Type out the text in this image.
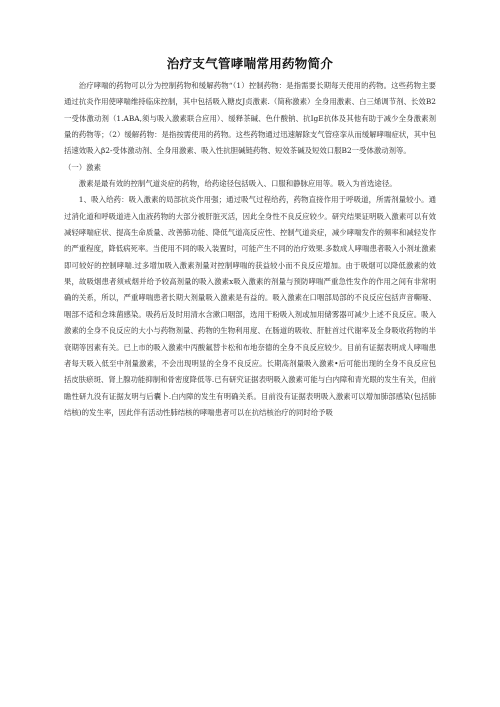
治疗支气管哮喘常用药物简介

治疗哮喘的药物可以分为控制药物和缓解药物“（1）控制药物：是指需要长期每天使用的药物。这些药物主要通过抗炎作用使哮喘维持临床控制，其中包括吸入糖皮J贞激素.（简称激素）全身用激素、白三烯调节剂、长效B2一受体激动剂（1.ABA,须与吸入激素联合应用）、缓释茶碱、色什酸钠、抗IgE抗体及其他有助于减少全身激素剂量的药物等；（2）缓解药物：是指按需使用的药物。这些药物通过迅速解除支气管痉挛从而缓解哮喘症状，其中包括速效吸入β2-受体激动剂、全身用激素、吸入性抗胆碱链药物、短效茶碱及短效口服B2一受体激动剂等。

（一）激素

激素是最有效的控制气道炎症的药物，给药途径包括吸入、口服和静脉应用等。吸入为首选途径。

1、吸入给药：吸入激素的局部抗炎作用强；通过吸气过程给药，药物直接作用于呼吸道，所需剂量较小。通过消化道和呼吸道进入血液药物的大部分被肝脏灭活，因此全身性不良反应较少。研究结果证明吸入激素可以有效减轻哮喘症状、提高生命质量、改善肺功能、降低气道高反应性、控制气道炎症，减少哮喘发作的频率和减轻发作的严重程度，降低病死率。当使用不同的吸入装置时，可能产生不同的治疗效果.多数成人哮喘患者吸入小剂址激素即可较好的控制哮喘.过多增加吸入激素剂量对控制哮喘的获益较小而不良反应增加。由于吸烟可以降低激素的效果，故吸烟患者须戒烟并给予较高剂量的吸入激素x吸入激素的剂量与预防哮喘严重急性发作的作用之间有非常明确的关系，所以，严重哮喘患者长期大剂量吸入激素是有益的。吸入激素在口咽部局部的不良反应包括声音嘶哑、咽部不适和念珠菌感染。吸药后及时用清水含漱口咽部，选用干粉吸入剂或加用储雾器可减少上述不良反应。吸入激素的全身不良反应的大小与药物剂量、药物的生物利用度、在肠道的吸收、肝脏首过代谢率及全身吸收药物的半衰期等因素有关。已上市的吸入激素中丙酸氟替卡松和布地奈德的全身不良反应较少。目前有证据表明成人哮喘患者每天吸入低至中剂量激素，不会出现明显的全身不良反应。长期高剂量吸入激素•后可能出现的全身不良反应包括皮肤瘀斑、肾上腺功能抑制和骨密度降低等.已有研究证据表明吸入激素可能与白内障和青光眼的发生有关，但前瞻性研九没有证据友明与后囊卜.白内障的发生有明确关系。目前没有证据表明吸入激素可以增加肺部感染(包括肺结核)的发生率，因此伴有活动性肺结核的哮喘患者可以在抗结核治疗的同时给予吸
